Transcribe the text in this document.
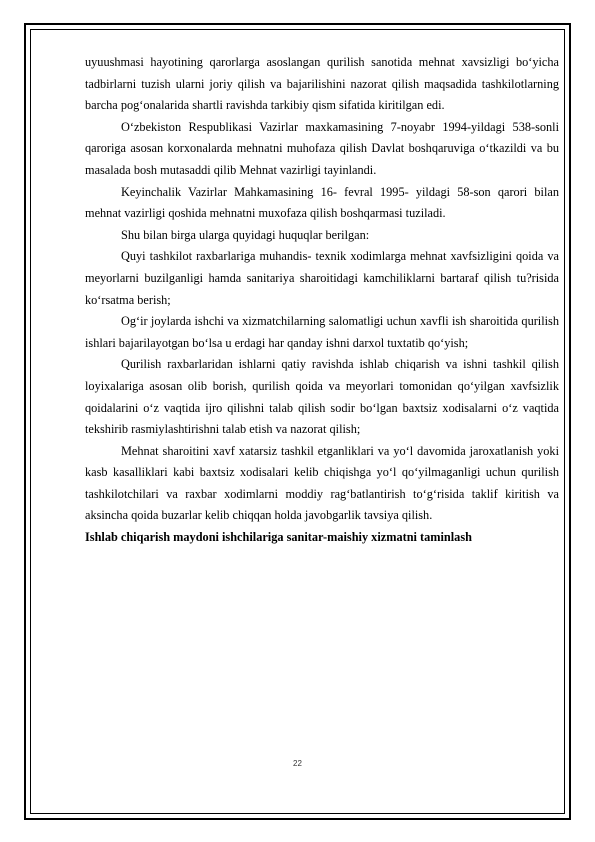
uyuushmasi hayotining qarorlarga asoslangan qurilish sanotida mehnat xavsizligi bo‘yicha tadbirlarni tuzish ularni joriy qilish va bajarilishini nazorat qilish maqsadida tashkilotlarning barcha pog‘onalarida shartli ravishda tarkibiy qism sifatida kiritilgan edi.

O‘zbekiston Respublikasi Vazirlar maxkamasining 7-noyabr 1994-yildagi 538-sonli qaroriga asosan korxonalarda mehnatni muhofaza qilish Davlat boshqaruviga o‘tkazildi va bu masalada bosh mutasaddi qilib Mehnat vazirligi tayinlandi.

Keyinchalik Vazirlar Mahkamasining 16- fevral 1995- yildagi 58-son qarori bilan mehnat vazirligi qoshida mehnatni muxofaza qilish boshqarmasi tuziladi.

Shu bilan birga ularga quyidagi huquqlar berilgan:

Quyi tashkilot raxbarlariga muhandis- texnik xodimlarga mehnat xavfsizligini qoida va meyorlarni buzilganligi hamda sanitariya sharoitidagi kamchiliklarni bartaraf qilish tu?risida ko‘rsatma berish;

Og‘ir joylarda ishchi va xizmatchilarning salomatligi uchun xavfli ish sharoitida qurilish ishlari bajarilayotgan bo‘lsa u erdagi har qanday ishni darxol tuxtatib qo‘yish;

Qurilish raxbarlaridan ishlarni qatiy ravishda ishlab chiqarish va ishni tashkil qilish loyixalariga asosan olib borish, qurilish qoida va meyorlari tomonidan qo‘yilgan xavfsizlik qoidalarini o‘z vaqtida ijro qilishni talab qilish sodir bo‘lgan baxtsiz xodisalarni o‘z vaqtida tekshirib rasmiylashtirishni talab etish va nazorat qilish;

Mehnat sharoitini xavf xatarsiz tashkil etganliklari va yo‘l davomida jaroxatlanish yoki kasb kasalliklari kabi baxtsiz xodisalari kelib chiqishga yo‘l qo‘yilmaganligi uchun qurilish tashkilotchilari va raxbar xodimlarni moddiy rag‘batlantirish to‘g‘risida taklif kiritish va aksincha qoida buzarlar kelib chiqqan holda javobgarlik tavsiya qilish.

Ishlab chiqarish maydoni ishchilariga sanitar-maishiy xizmatni taminlash

22
